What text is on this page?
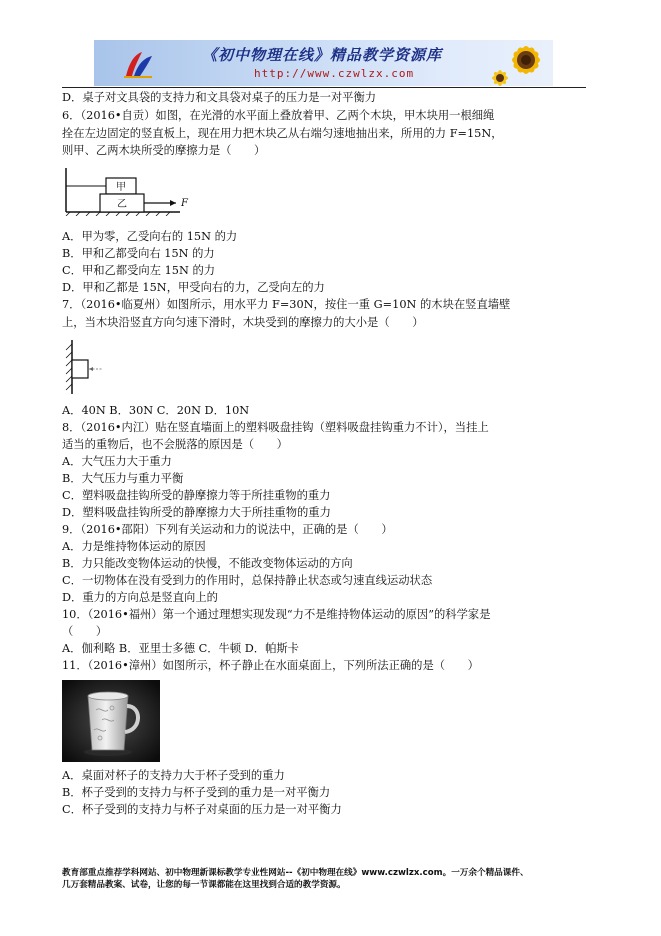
《初中物理在线》精品教学资源库
http://www.czwlzx.com
D．桌子对文具袋的支持力和文具袋对桌子的压力是一对平衡力
6．（2016•自贡）如图，在光滑的水平面上叠放着甲、乙两个木块，甲木块用一根细绳
拴在左边固定的竖直板上，现在用力把木块乙从右端匀速地抽出来，所用的力 F=15N，
则甲、乙两木块所受的摩擦力是（　　）
甲
乙	F
A．甲为零，乙受向右的 15N 的力
B．甲和乙都受向右 15N 的力
C．甲和乙都受向左 15N 的力
D．甲和乙都是 15N，甲受向右的力，乙受向左的力
7．（2016•临夏州）如图所示，用水平力 F=30N，按住一重 G=10N 的木块在竖直墙壁
上，当木块沿竖直方向匀速下滑时，木块受到的摩擦力的大小是（　　）
A．40N B．30N C．20N D．10N
8．（2016•内江）贴在竖直墙面上的塑料吸盘挂钩（塑料吸盘挂钩重力不计），当挂上
适当的重物后，也不会脱落的原因是（　　）
A．大气压力大于重力
B．大气压力与重力平衡
C．塑料吸盘挂钩所受的静摩擦力等于所挂重物的重力
D．塑料吸盘挂钩所受的静摩擦力大于所挂重物的重力
9．（2016•邵阳）下列有关运动和力的说法中，正确的是（　　）
A．力是维持物体运动的原因
B．力只能改变物体运动的快慢，不能改变物体运动的方向
C．一切物体在没有受到力的作用时，总保持静止状态或匀速直线运动状态
D．重力的方向总是竖直向上的
10．（2016•福州）第一个通过理想实现发现“力不是维持物体运动的原因”的科学家是
（　　）
A．伽利略 B．亚里士多德 C．牛顿 D．帕斯卡
11．（2016•漳州）如图所示，杯子静止在水面桌面上，下列所法正确的是（　　）
A．桌面对杯子的支持力大于杯子受到的重力
B．杯子受到的支持力与杯子受到的重力是一对平衡力
C．杯子受到的支持力与杯子对桌面的压力是一对平衡力
教育部重点推荐学科网站、初中物理新课标教学专业性网站--《初中物理在线》www.czwlzx.com。一万余个精品课件、
几万套精品教案、试卷，让您的每一节课都能在这里找到合适的教学资源。
